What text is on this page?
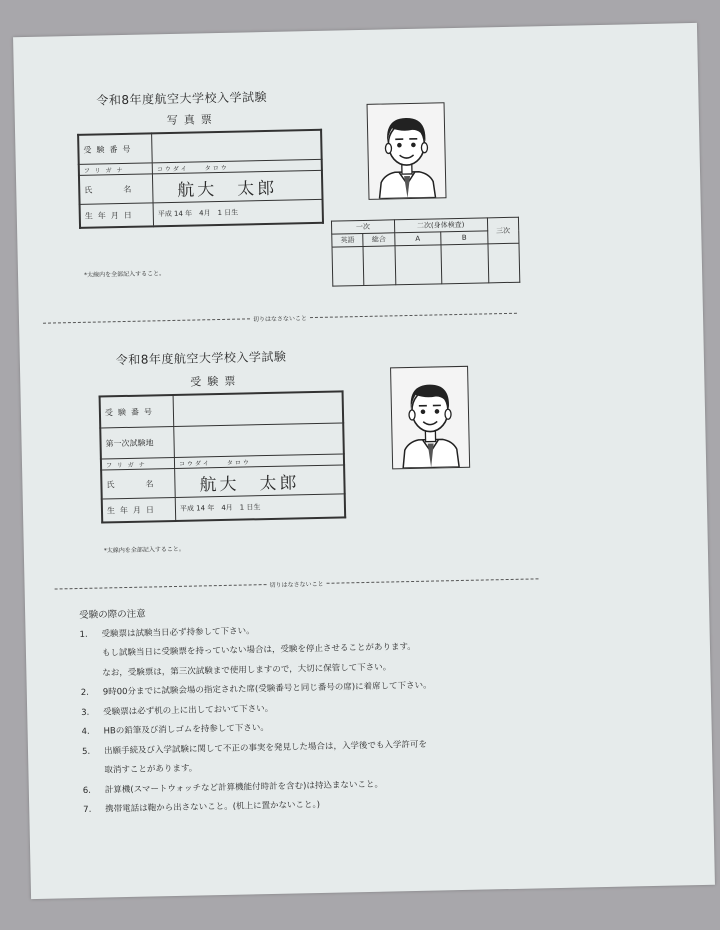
令和8年度航空大学校入学試験
写真票
受験番号	
フリガナ	コウダイ　　タロウ
氏　　名	航大　太郎
生年月日	平成 14 年　4月　1 日生
*太線内を全部記入すること。
一次		二次(身体検査)		三次
英語	総合	A	B	

切りはなさないこと
令和8年度航空大学校入学試験
受験票
受験番号	
第一次試験地	
フリガナ	コウダイ　　タロウ
氏　　名	航大　太郎
生年月日	平成 14 年　4月　1 日生
*太線内を全部記入すること。
切りはなさないこと
受験の際の注意
1.	受験票は試験当日必ず持参して下さい。
もし試験当日に受験票を持っていない場合は，受験を停止させることがあります。
なお，受験票は，第三次試験まで使用しますので，大切に保管して下さい。
2.	9時00分までに試験会場の指定された席(受験番号と同じ番号の席)に着席して下さい。
3.	受験票は必ず机の上に出しておいて下さい。
4.	HBの鉛筆及び消しゴムを持参して下さい。
5.	出願手続及び入学試験に関して不正の事実を発見した場合は，入学後でも入学許可を
取消すことがあります。
6.	計算機(スマートウォッチなど計算機能付時計を含む)は持込まないこと。
7.	携帯電話は鞄から出さないこと。(机上に置かないこと。)
